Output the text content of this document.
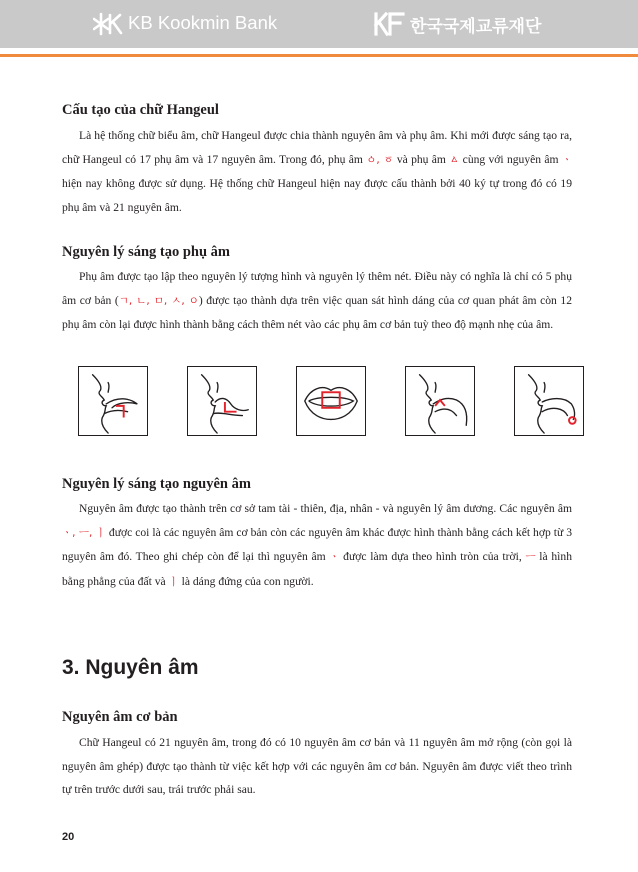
KB Kookmin Bank	한국국제교류재단
Cấu tạo của chữ Hangeul

Là hệ thống chữ biểu âm, chữ Hangeul được chia thành nguyên âm và phụ âm. Khi mới được sáng tạo ra, chữ Hangeul có 17 phụ âm và 17 nguyên âm. Trong đó, phụ âm ㆁ, ㆆ và phụ âm ㅿ cùng với nguyên âm ㆍ hiện nay không được sử dụng. Hệ thống chữ Hangeul hiện nay được cấu thành bởi 40 ký tự trong đó có 19 phụ âm và 21 nguyên âm.

Nguyên lý sáng tạo phụ âm

Phụ âm được tạo lập theo nguyên lý tượng hình và nguyên lý thêm nét. Điều này có nghĩa là chỉ có 5 phụ âm cơ bản (ㄱ, ㄴ, ㅁ, ㅅ, ㅇ) được tạo thành dựa trên việc quan sát hình dáng của cơ quan phát âm còn 12 phụ âm còn lại được hình thành bằng cách thêm nét vào các phụ âm cơ bản tuỳ theo độ mạnh nhẹ của âm.

Nguyên lý sáng tạo nguyên âm

Nguyên âm được tạo thành trên cơ sở tam tài - thiên, địa, nhân - và nguyên lý âm dương. Các nguyên âm ㆍ, ㅡ, ㅣ được coi là các nguyên âm cơ bản còn các nguyên âm khác được hình thành bằng cách kết hợp từ 3 nguyên âm đó. Theo ghi chép còn để lại thì nguyên âm ㆍ được làm dựa theo hình tròn của trời, ㅡ là hình bằng phẳng của đất và ㅣ là dáng đứng của con người.

3. Nguyên âm
Nguyên âm cơ bản

Chữ Hangeul có 21 nguyên âm, trong đó có 10 nguyên âm cơ bản và 11 nguyên âm mở rộng (còn gọi là nguyên âm ghép) được tạo thành từ việc kết hợp với các nguyên âm cơ bản. Nguyên âm được viết theo trình tự trên trước dưới sau, trái trước phải sau.

20
